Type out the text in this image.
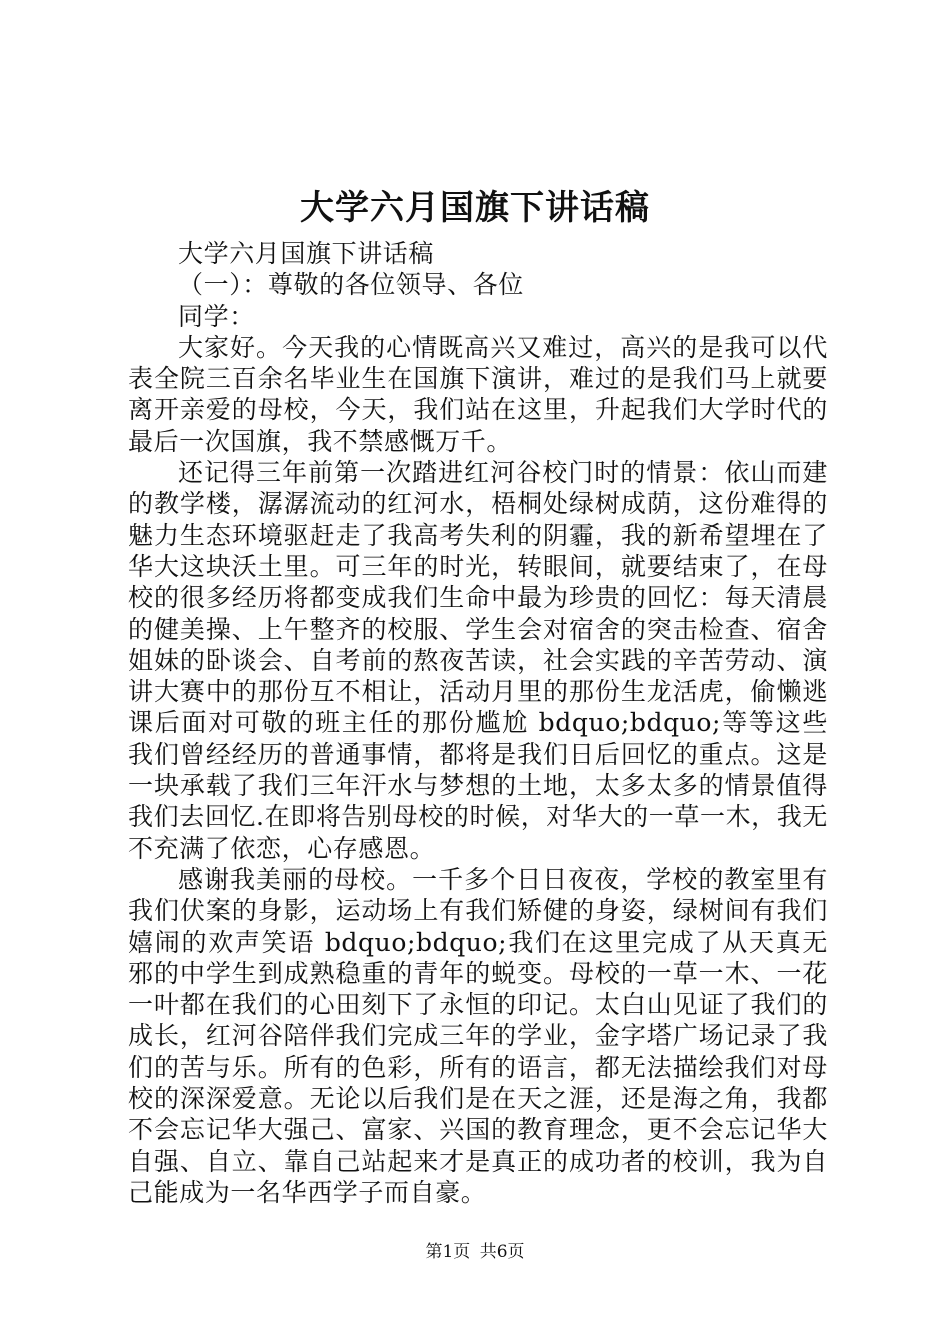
大学六月国旗下讲话稿

大学六月国旗下讲话稿

（一）：尊敬的各位领导、各位

同学：

大家好。今天我的心情既高兴又难过，高兴的是我可以代表全院三百余名毕业生在国旗下演讲，难过的是我们马上就要离开亲爱的母校，今天，我们站在这里，升起我们大学时代的最后一次国旗，我不禁感慨万千。

还记得三年前第一次踏进红河谷校门时的情景：依山而建的教学楼，潺潺流动的红河水，梧桐处绿树成荫，这份难得的魅力生态环境驱赶走了我高考失利的阴霾，我的新希望埋在了华大这块沃土里。可三年的时光，转眼间，就要结束了，在母校的很多经历将都变成我们生命中最为珍贵的回忆：每天清晨的健美操、上午整齐的校服、学生会对宿舍的突击检查、宿舍姐妹的卧谈会、自考前的熬夜苦读，社会实践的辛苦劳动、演讲大赛中的那份互不相让，活动月里的那份生龙活虎，偷懒逃课后面对可敬的班主任的那份尴尬 bdquo;bdquo;等等这些我们曾经经历的普通事情，都将是我们日后回忆的重点。这是一块承载了我们三年汗水与梦想的土地，太多太多的情景值得我们去回忆.在即将告别母校的时候，对华大的一草一木，我无不充满了依恋，心存感恩。

感谢我美丽的母校。一千多个日日夜夜，学校的教室里有我们伏案的身影，运动场上有我们矫健的身姿，绿树间有我们嬉闹的欢声笑语 bdquo;bdquo;我们在这里完成了从天真无邪的中学生到成熟稳重的青年的蜕变。母校的一草一木、一花一叶都在我们的心田刻下了永恒的印记。太白山见证了我们的成长，红河谷陪伴我们完成三年的学业，金字塔广场记录了我们的苦与乐。所有的色彩，所有的语言，都无法描绘我们对母校的深深爱意。无论以后我们是在天之涯，还是海之角，我都不会忘记华大强己、富家、兴国的教育理念，更不会忘记华大自强、自立、靠自己站起来才是真正的成功者的校训，我为自己能成为一名华西学子而自豪。

第1页 共6页
